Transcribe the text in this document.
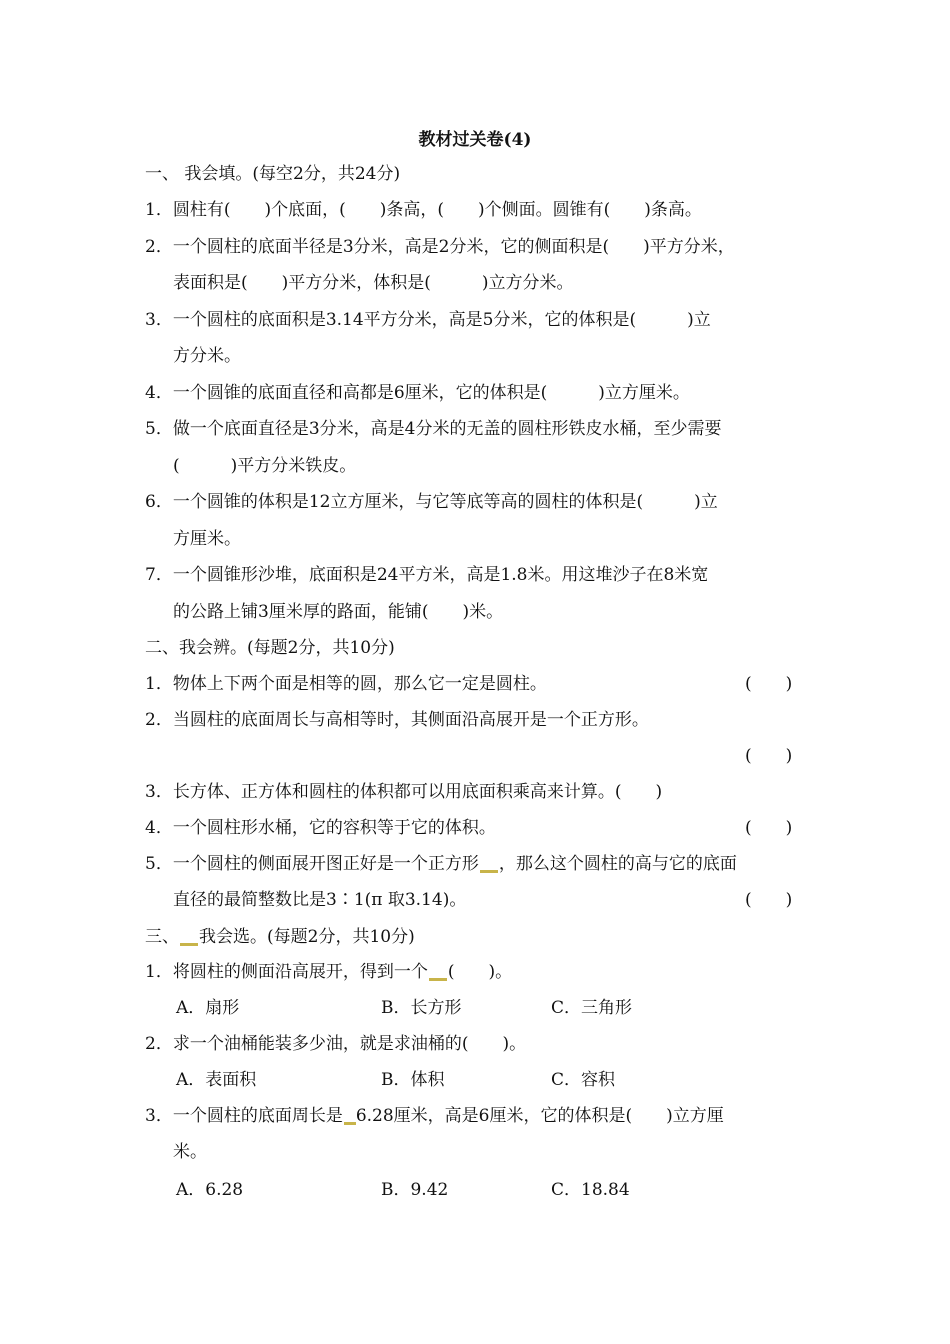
教材过关卷(4)
一、 我会填。(每空2分，共24分)
1．圆柱有(　　)个底面，(　　)条高，(　　)个侧面。圆锥有(　　)条高。
2．一个圆柱的底面半径是3分米，高是2分米，它的侧面积是(　　)平方分米，
表面积是(　　)平方分米，体积是(　　　)立方分米。
3．一个圆柱的底面积是3.14平方分米，高是5分米，它的体积是(　　　)立
方分米。
4．一个圆锥的底面直径和高都是6厘米，它的体积是(　　　)立方厘米。
5．做一个底面直径是3分米，高是4分米的无盖的圆柱形铁皮水桶，至少需要
(　　　)平方分米铁皮。
6．一个圆锥的体积是12立方厘米，与它等底等高的圆柱的体积是(　　　)立
方厘米。
7．一个圆锥形沙堆，底面积是24平方米，高是1.8米。用这堆沙子在8米宽
的公路上铺3厘米厚的路面，能铺(　　)米。
二、我会辨。(每题2分，共10分)
1．物体上下两个面是相等的圆，那么它一定是圆柱。	(　　)
2．当圆柱的底面周长与高相等时，其侧面沿高展开是一个正方形。
(　　)
3．长方体、正方体和圆柱的体积都可以用底面积乘高来计算。(　　)
4．一个圆柱形水桶，它的容积等于它的体积。	(　　)
5．一个圆柱的侧面展开图正好是一个正方形 ，那么这个圆柱的高与它的底面
直径的最简整数比是3∶1(π 取3.14)。	(　　)
三、 我会选。(每题2分，共10分)
1．将圆柱的侧面沿高展开，得到一个 (　　)。
A．扇形	B．长方形	C．三角形
2．求一个油桶能装多少油，就是求油桶的(　　)。
A．表面积	B．体积	C．容积
3．一个圆柱的底面周长是 6.28厘米，高是6厘米，它的体积是(　　)立方厘
米。
A．6.28	B．9.42	C．18.84
